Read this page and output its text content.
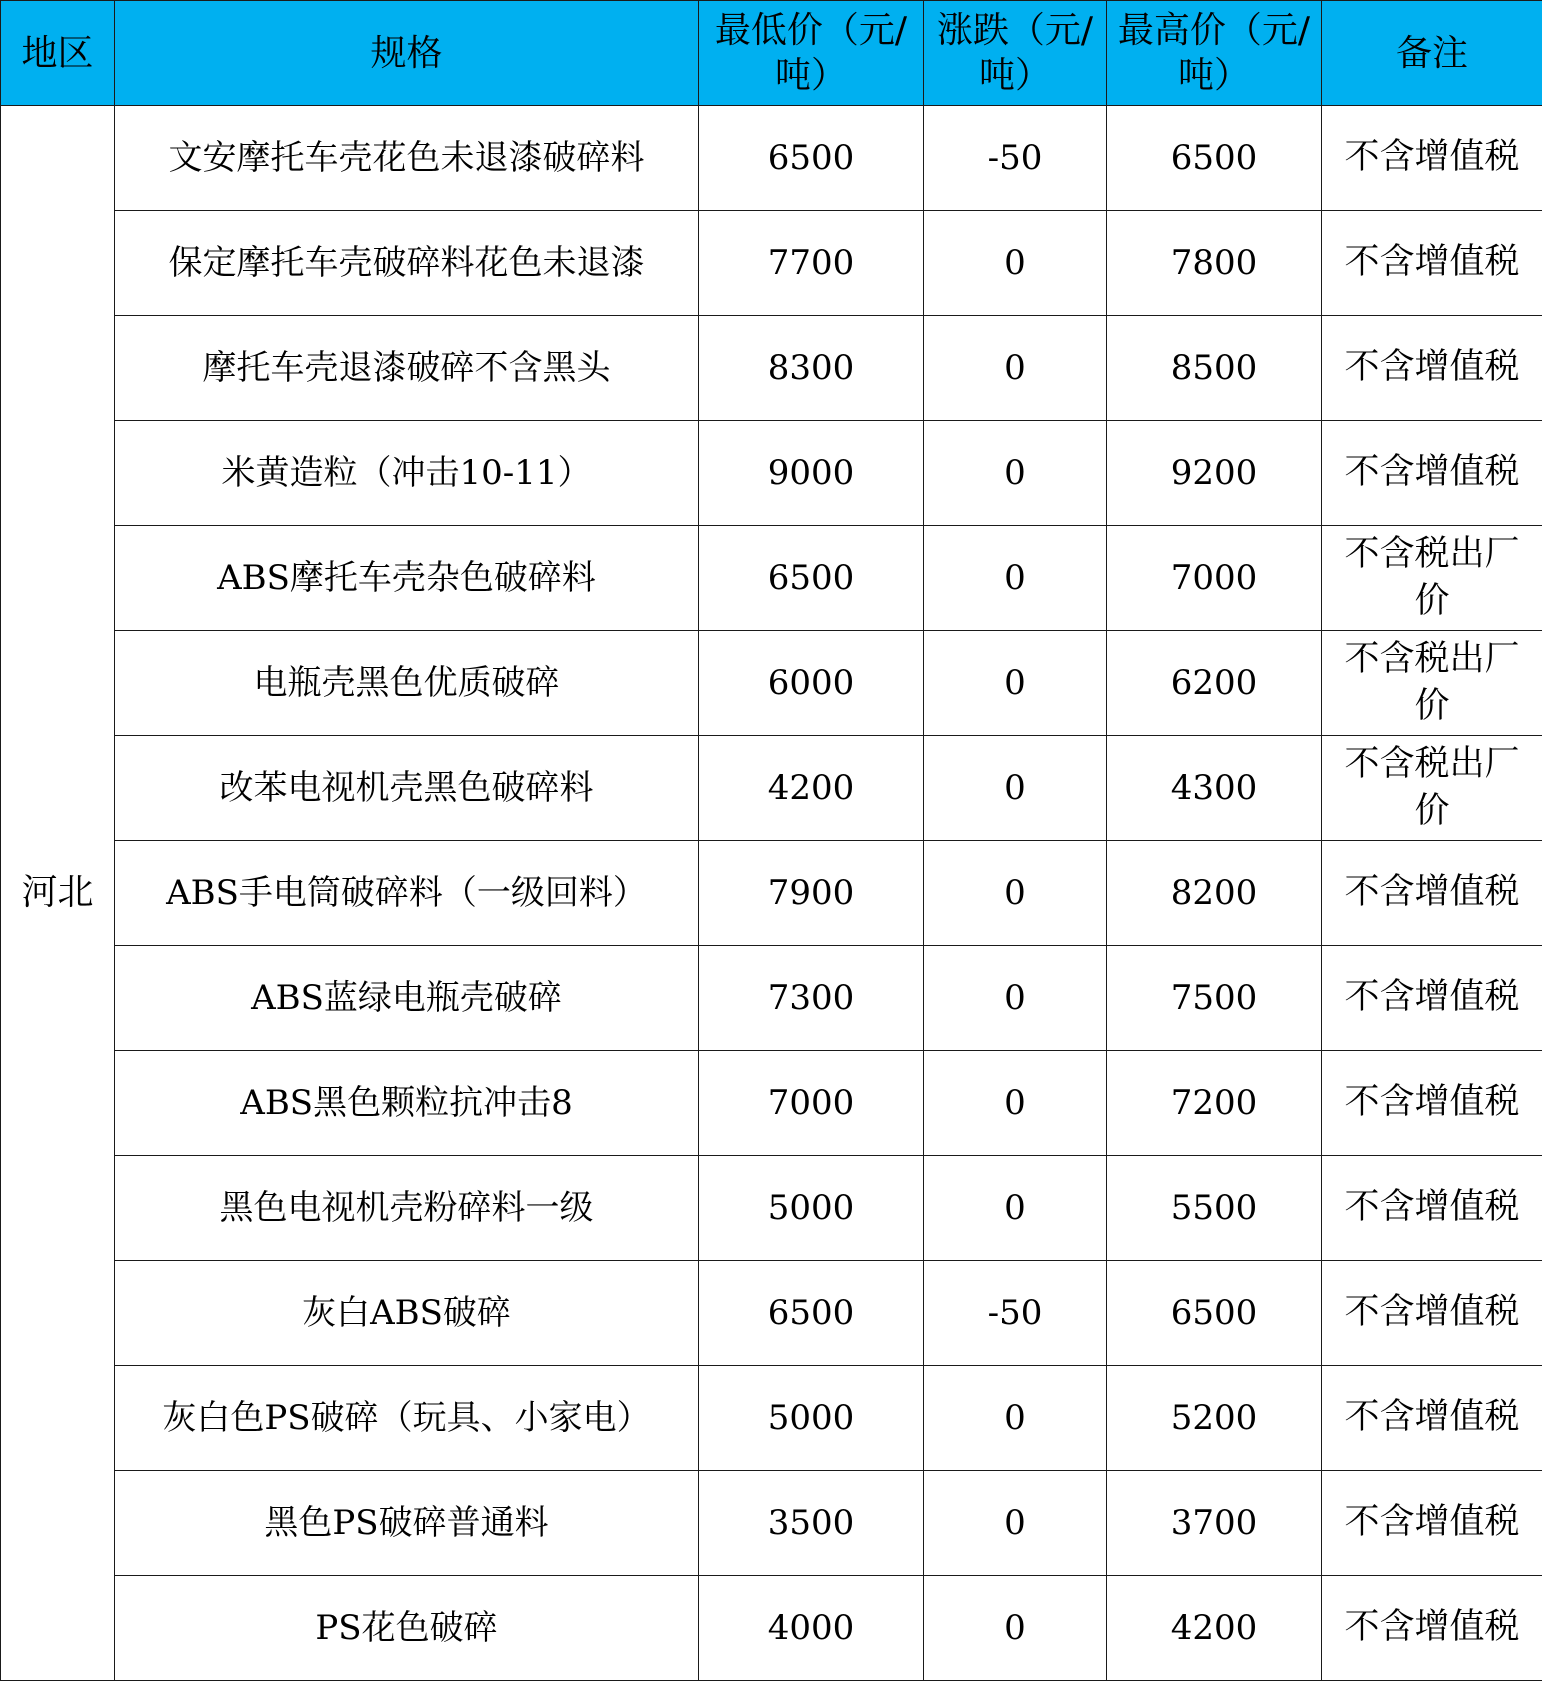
地区	规格	最低价（元/吨）	涨跌（元/吨）	最高价（元/吨）	备注
河北	文安摩托车壳花色未退漆破碎料	6500	-50	6500	不含增值税
	保定摩托车壳破碎料花色未退漆	7700	0	7800	不含增值税
	摩托车壳退漆破碎不含黑头	8300	0	8500	不含增值税
	米黄造粒（冲击10-11）	9000	0	9200	不含增值税
	ABS摩托车壳杂色破碎料	6500	0	7000	不含税出厂价
	电瓶壳黑色优质破碎	6000	0	6200	不含税出厂价
	改苯电视机壳黑色破碎料	4200	0	4300	不含税出厂价
	ABS手电筒破碎料（一级回料）	7900	0	8200	不含增值税
	ABS蓝绿电瓶壳破碎	7300	0	7500	不含增值税
	ABS黑色颗粒抗冲击8	7000	0	7200	不含增值税
	黑色电视机壳粉碎料一级	5000	0	5500	不含增值税
	灰白ABS破碎	6500	-50	6500	不含增值税
	灰白色PS破碎（玩具、小家电）	5000	0	5200	不含增值税
	黑色PS破碎普通料	3500	0	3700	不含增值税
	PS花色破碎	4000	0	4200	不含增值税
